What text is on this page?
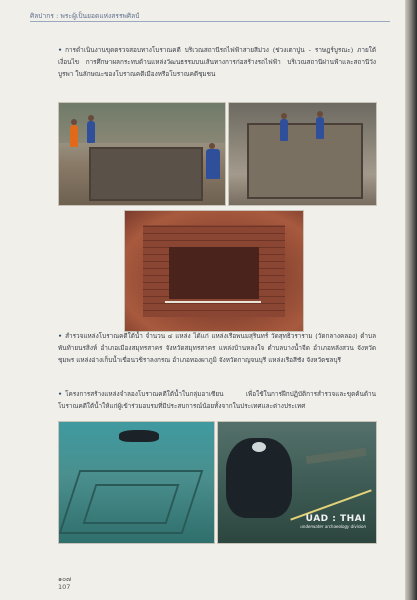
ศิลปากร : พระผู้เป็นยอดแห่งสรรพศิลป์
• การดำเนินงานขุดตรวจสอบทางโบราณคดี บริเวณสถานีรถไฟฟ้าสายสีม่วง (ช่วงเตาปูน - ราษฎร์บูรณะ) ภายใต้เงื่อนไข การศึกษาผลกระทบด้านแหล่งวัฒนธรรมบนเส้นทางการก่อสร้างรถไฟฟ้า บริเวณสถานีผ่านฟ้าและสถานีวังบูรพา ในลักษณะของโบราณคดีเมืองหรือโบราณคดีชุมชน
• สำรวจแหล่งโบราณคดีใต้น้ำ จำนวน ๔ แหล่ง ได้แก่ แหล่งเรือพนมสุรินทร์ วัดสุทธิวราราม (วัดกลางคลอง) ตำบลพันท้ายนรสิงห์ อำเภอเมืองสมุทรสาคร จังหวัดสมุทรสาคร แหล่งบ้านหลงใจ ตำบลบางน้ำจืด อำเภอหลังสวน จังหวัดชุมพร แหล่งอ่างเก็บน้ำเขื่อนวชิราลงกรณ อำเภอทองผาภูมิ จังหวัดกาญจนบุรี แหล่งเรือสีชัง จังหวัดชลบุรี
• โครงการสร้างแหล่งจำลองโบราณคดีใต้น้ำในกลุ่มอาเซียน เพื่อใช้ในการฝึกปฏิบัติการสำรวจและขุดค้นด้านโบราณคดีใต้น้ำให้แก่ผู้เข้าร่วมอบรมที่มีประสบการณ์น้อยทั้งจากในประเทศและต่างประเทศ
UAD : THAI
underwater archaeology division
๑๐๗
107
